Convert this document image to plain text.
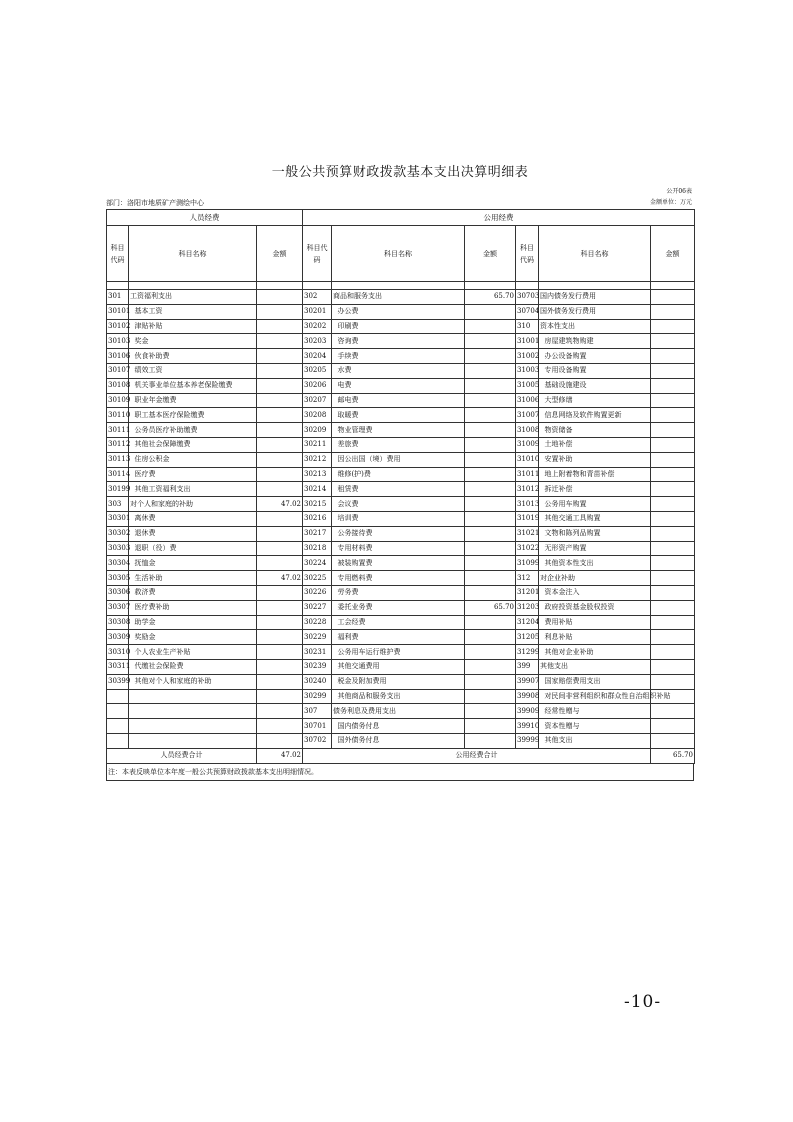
一般公共预算财政拨款基本支出决算明细表
公开06表
部门：洛阳市地质矿产测绘中心	金额单位：万元
人员经费			公用经费					
科目代码	科目名称	金额	科目代码	科目名称	金额	科目代码	科目名称	金额

301	工资福利支出		302	商品和服务支出	65.70	30703	国内债务发行费用	
30101	基本工资		30201	办公费		30704	国外债务发行费用	
30102	津贴补贴		30202	印刷费		310	资本性支出	
30103	奖金		30203	咨询费		31001	房屋建筑物购建	
30106	伙食补助费		30204	手续费		31002	办公设备购置	
30107	绩效工资		30205	水费		31003	专用设备购置	
30108	机关事业单位基本养老保险缴费		30206	电费		31005	基础设施建设	
30109	职业年金缴费		30207	邮电费		31006	大型修缮	
30110	职工基本医疗保险缴费		30208	取暖费		31007	信息网络及软件购置更新	
30111	公务员医疗补助缴费		30209	物业管理费		31008	物资储备	
30112	其他社会保障缴费		30211	差旅费		31009	土地补偿	
30113	住房公积金		30212	因公出国（境）费用		31010	安置补助	
30114	医疗费		30213	维修(护)费		31011	地上附着物和青苗补偿	
30199	其他工资福利支出		30214	租赁费		31012	拆迁补偿	
303	对个人和家庭的补助	47.02	30215	会议费		31013	公务用车购置	
30301	离休费		30216	培训费		31019	其他交通工具购置	
30302	退休费		30217	公务接待费		31021	文物和陈列品购置	
30303	退职（役）费		30218	专用材料费		31022	无形资产购置	
30304	抚恤金		30224	被装购置费		31099	其他资本性支出	
30305	生活补助	47.02	30225	专用燃料费		312	对企业补助	
30306	救济费		30226	劳务费		31201	资本金注入	
30307	医疗费补助		30227	委托业务费	65.70	31203	政府投资基金股权投资	
30308	助学金		30228	工会经费		31204	费用补贴	
30309	奖励金		30229	福利费		31205	利息补贴	
30310	个人农业生产补贴		30231	公务用车运行维护费		31299	其他对企业补助	
30311	代缴社会保险费		30239	其他交通费用		399	其他支出	
30399	其他对个人和家庭的补助		30240	税金及附加费用		39907	国家赔偿费用支出	
			30299	其他商品和服务支出		39908	对民间非营利组织和群众性自治组织补贴	
			307	债务利息及费用支出		39909	经常性赠与	
			30701	国内债务付息		39910	资本性赠与	
			30702	国外债务付息		39999	其他支出	
人员经费合计		47.02	公用经费合计					65.70
注：本表反映单位本年度一般公共预算财政拨款基本支出明细情况。
-10-
